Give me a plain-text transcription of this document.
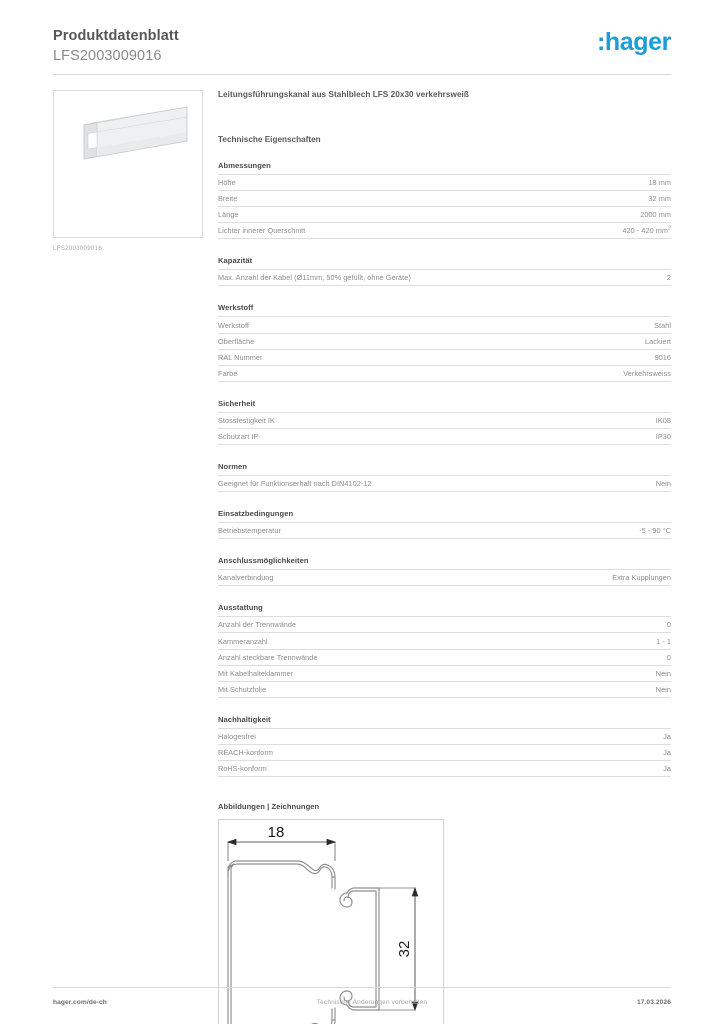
Produktdatenblatt
LFS2003009016	:hager
LFS2003009016
Leitungsführungskanal aus Stahlblech LFS 20x30 verkehrsweiß
Technische Eigenschaften
Abmessungen
Höhe	18 mm
Breite	32 mm
Länge	2000 mm
Lichter innerer Querschnitt	420 - 420 $mm^2$
Kapazität
Max. Anzahl der Kabel (Ø11mm, 50% gefüllt, ohne Geräte)	2
Werkstoff
Werkstoff	Stahl
Oberfläche	Lackiert
RAL Nummer	9016
Farbe	Verkehrsweiss
Sicherheit
Stossfestigkeit IK	IK08
Schutzart IP	IP30
Normen
Geeignet für Funktionserhalt nach DIN4102-12	Nein
Einsatzbedingungen
Betriebstemperatur	-5 - 90 °C
Anschlussmöglichkeiten
Kanalverbindung	Extra Kupplungen
Ausstattung
Anzahl der Trennwände	0
Kammeranzahl	1 - 1
Anzahl steckbare Trennwände	0
Mit Kabelhalteklammer	Nein
Mit Schutzfolie	Nein
Nachhaltigkeit
Halogenfrei	Ja
REACH-konform	Ja
RoHS-konform	Ja
Abbildungen | Zeichnungen
18
32
hager.com/de-ch	Technische Änderungen vorbehalten	17.03.2026
